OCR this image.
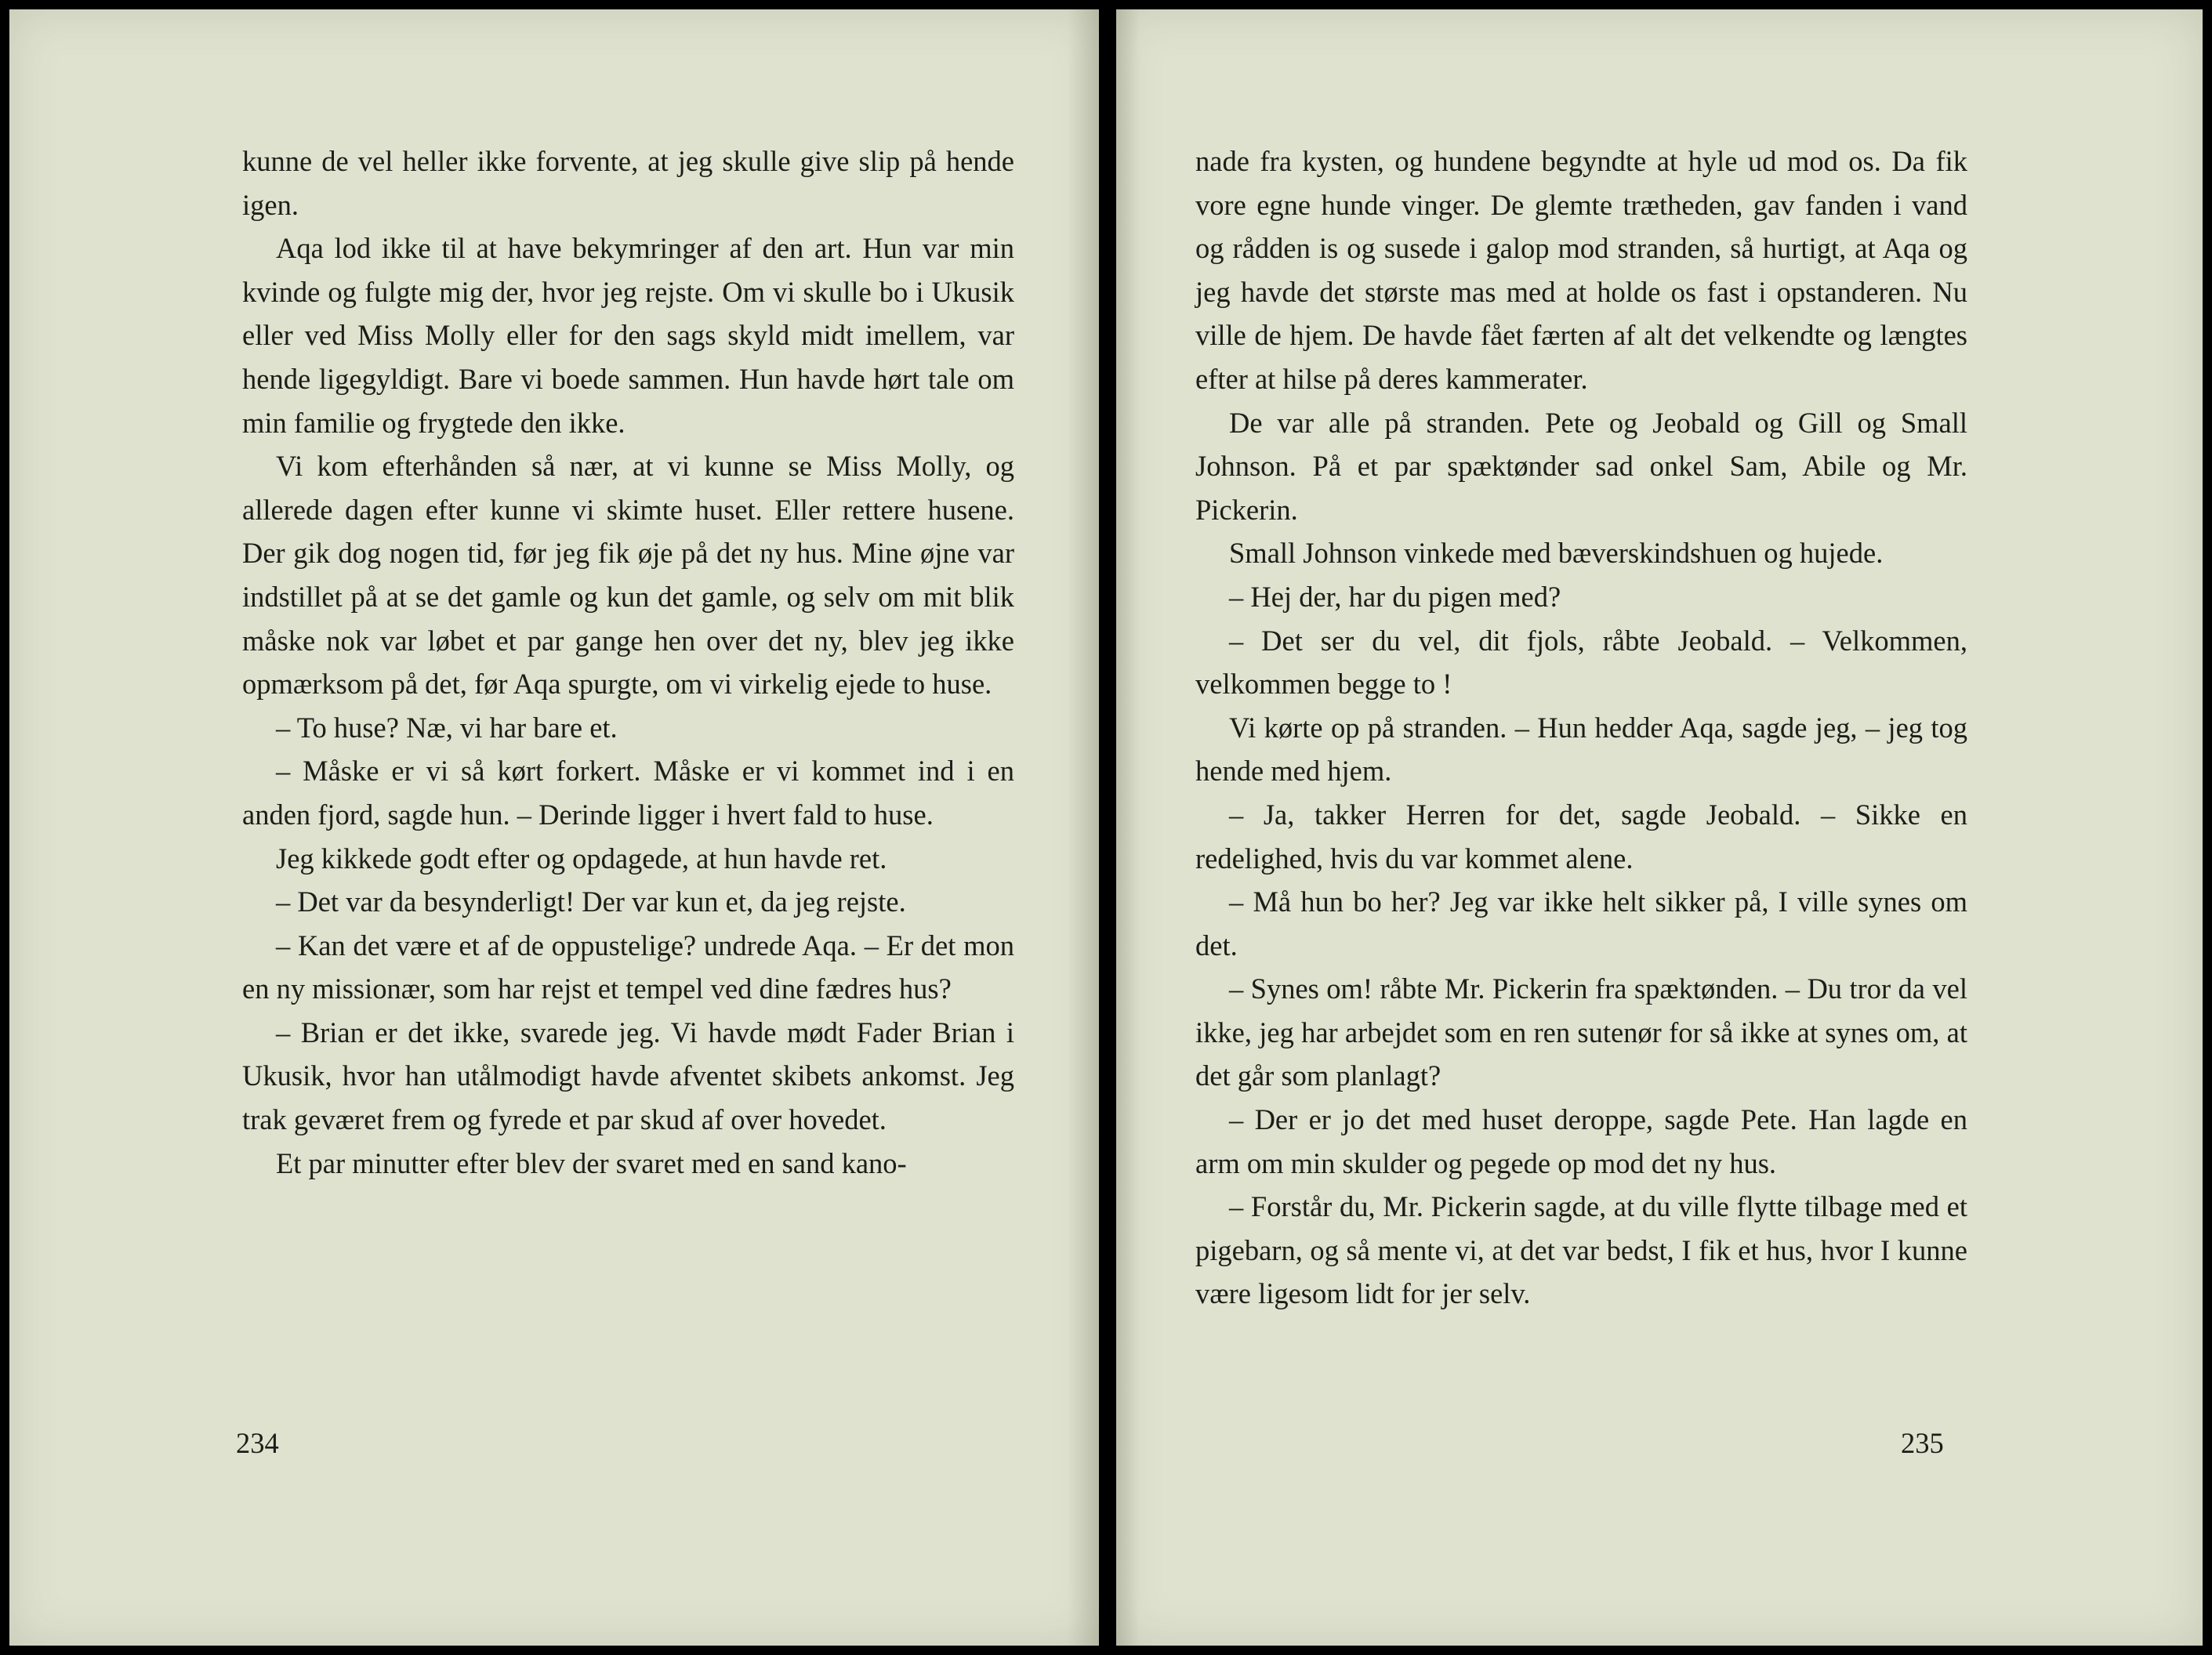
kunne de vel heller ikke forvente, at jeg skulle give slip på hende igen.

Aqa lod ikke til at have bekymringer af den art. Hun var min kvinde og fulgte mig der, hvor jeg rejste. Om vi skulle bo i Ukusik eller ved Miss Molly eller for den sags skyld midt imellem, var hende ligegyldigt. Bare vi boede sammen. Hun havde hørt tale om min familie og frygtede den ikke.

Vi kom efterhånden så nær, at vi kunne se Miss Molly, og allerede dagen efter kunne vi skimte huset. Eller rettere husene. Der gik dog nogen tid, før jeg fik øje på det ny hus. Mine øjne var indstillet på at se det gamle og kun det gamle, og selv om mit blik måske nok var løbet et par gange hen over det ny, blev jeg ikke opmærksom på det, før Aqa spurgte, om vi virkelig ejede to huse.

– To huse? Næ, vi har bare et.

– Måske er vi så kørt forkert. Måske er vi kommet ind i en anden fjord, sagde hun. – Derinde ligger i hvert fald to huse.

Jeg kikkede godt efter og opdagede, at hun havde ret.

– Det var da besynderligt! Der var kun et, da jeg rejste.

– Kan det være et af de oppustelige? undrede Aqa. – Er det mon en ny missionær, som har rejst et tempel ved dine fædres hus?

– Brian er det ikke, svarede jeg. Vi havde mødt Fader Brian i Ukusik, hvor han utålmodigt havde afventet skibets ankomst. Jeg trak geværet frem og fyrede et par skud af over hovedet.

Et par minutter efter blev der svaret med en sand kano-

234

nade fra kysten, og hundene begyndte at hyle ud mod os. Da fik vore egne hunde vinger. De glemte trætheden, gav fanden i vand og rådden is og susede i galop mod stranden, så hurtigt, at Aqa og jeg havde det største mas med at holde os fast i opstanderen. Nu ville de hjem. De havde fået færten af alt det velkendte og længtes efter at hilse på deres kammerater.

De var alle på stranden. Pete og Jeobald og Gill og Small Johnson. På et par spæktønder sad onkel Sam, Abile og Mr. Pickerin.

Small Johnson vinkede med bæverskindshuen og hujede.

– Hej der, har du pigen med?

– Det ser du vel, dit fjols, råbte Jeobald. – Velkommen, velkommen begge to !

Vi kørte op på stranden. – Hun hedder Aqa, sagde jeg, – jeg tog hende med hjem.

– Ja, takker Herren for det, sagde Jeobald. – Sikke en redelighed, hvis du var kommet alene.

– Må hun bo her? Jeg var ikke helt sikker på, I ville synes om det.

– Synes om! råbte Mr. Pickerin fra spæktønden. – Du tror da vel ikke, jeg har arbejdet som en ren sutenør for så ikke at synes om, at det går som planlagt?

– Der er jo det med huset deroppe, sagde Pete. Han lagde en arm om min skulder og pegede op mod det ny hus.

– Forstår du, Mr. Pickerin sagde, at du ville flytte tilbage med et pigebarn, og så mente vi, at det var bedst, I fik et hus, hvor I kunne være ligesom lidt for jer selv.

235
